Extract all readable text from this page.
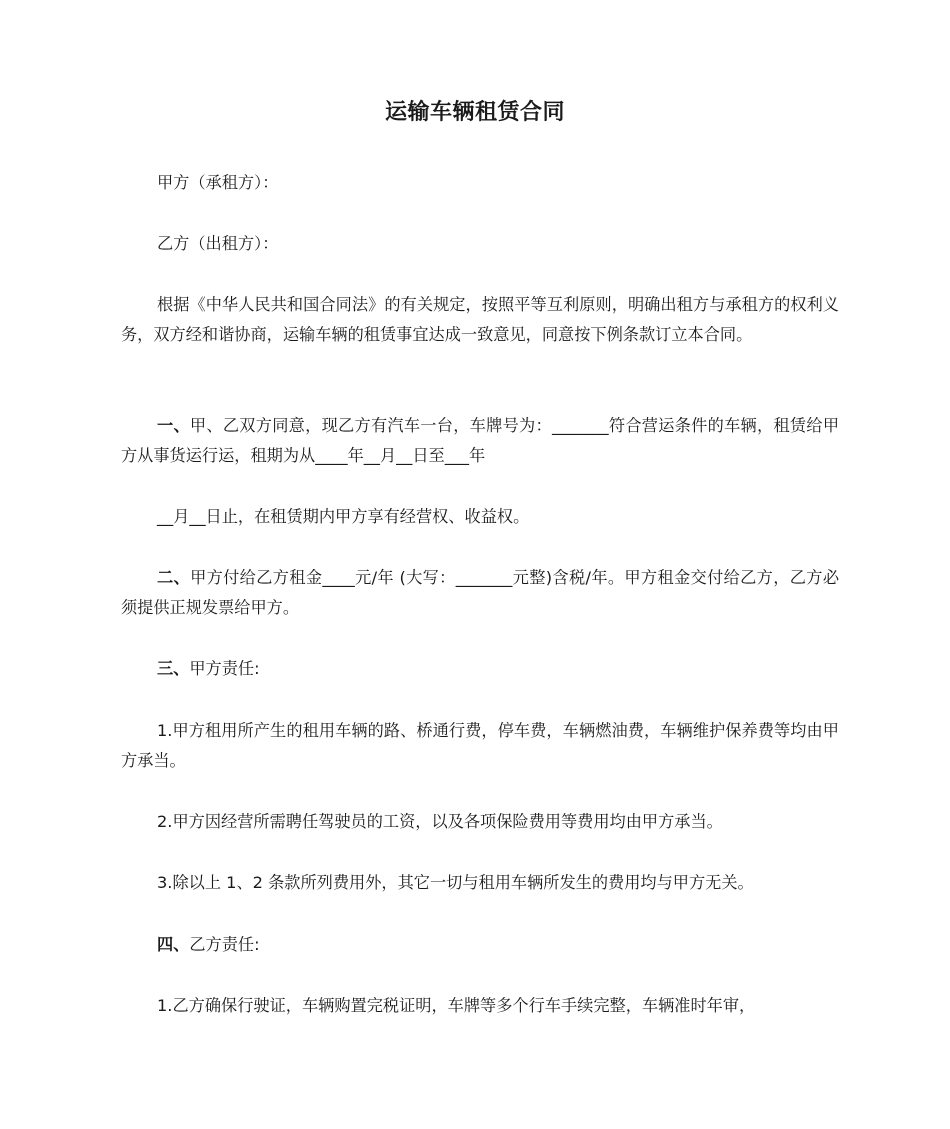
运输车辆租赁合同

甲方（承租方）：

乙方（出租方）：

根据《中华人民共和国合同法》的有关规定，按照平等互利原则，明确出租方与承租方的权利义务，双方经和谐协商，运输车辆的租赁事宜达成一致意见，同意按下例条款订立本合同。

一、甲、乙双方同意，现乙方有汽车一台，车牌号为：_______符合营运条件的车辆，租赁给甲方从事货运行运，租期为从____年__月__日至___年

__月__日止，在租赁期内甲方享有经营权、收益权。

二、甲方付给乙方租金____元/年 (大写：_______元整)含税/年。甲方租金交付给乙方，乙方必须提供正规发票给甲方。

三、甲方责任:

1.甲方租用所产生的租用车辆的路、桥通行费，停车费，车辆燃油费，车辆维护保养费等均由甲方承当。

2.甲方因经营所需聘任驾驶员的工资，以及各项保险费用等费用均由甲方承当。

3.除以上 1、2 条款所列费用外，其它一切与租用车辆所发生的费用均与甲方无关。

四、乙方责任:

1.乙方确保行驶证，车辆购置完税证明，车牌等多个行车手续完整，车辆准时年审，
